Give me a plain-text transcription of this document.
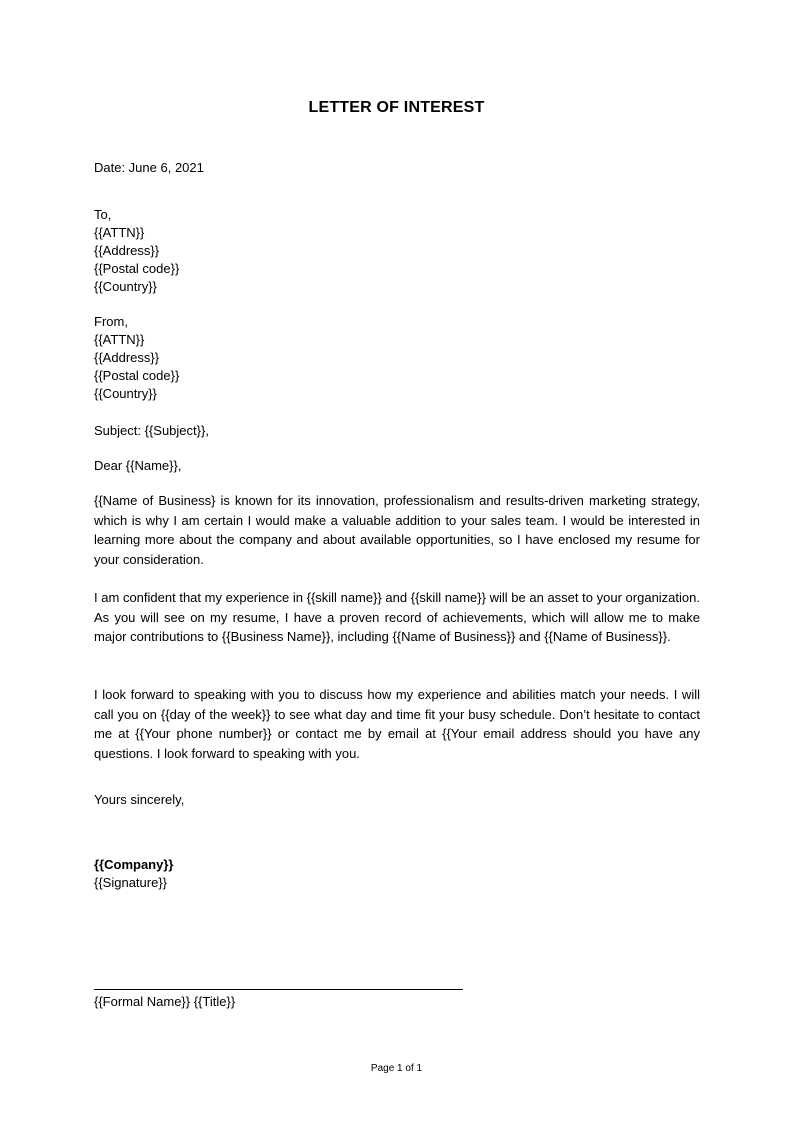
LETTER OF INTEREST
Date: June 6, 2021
To,
{{ATTN}}
{{Address}}
{{Postal code}}
{{Country}}
From,
{{ATTN}}
{{Address}}
{{Postal code}}
{{Country}}
Subject: {{Subject}},
Dear {{Name}},
{{Name of Business} is known for its innovation, professionalism and results-driven marketing strategy, which is why I am certain I would make a valuable addition to your sales team. I would be interested in learning more about the company and about available opportunities, so I have enclosed my resume for your consideration.
I am confident that my experience in {{skill name}} and {{skill name}} will be an asset to your organization. As you will see on my resume, I have a proven record of achievements, which will allow me to make major contributions to {{Business Name}}, including {{Name of Business}} and {{Name of Business}}.
I look forward to speaking with you to discuss how my experience and abilities match your needs. I will call you on {{day of the week}} to see what day and time fit your busy schedule. Don’t hesitate to contact me at {{Your phone number}} or contact me by email at {{Your email address should you have any questions. I look forward to speaking with you.
Yours sincerely,
{{Company}}
{{Signature}}
{{Formal Name}} {{Title}}
Page 1 of 1
